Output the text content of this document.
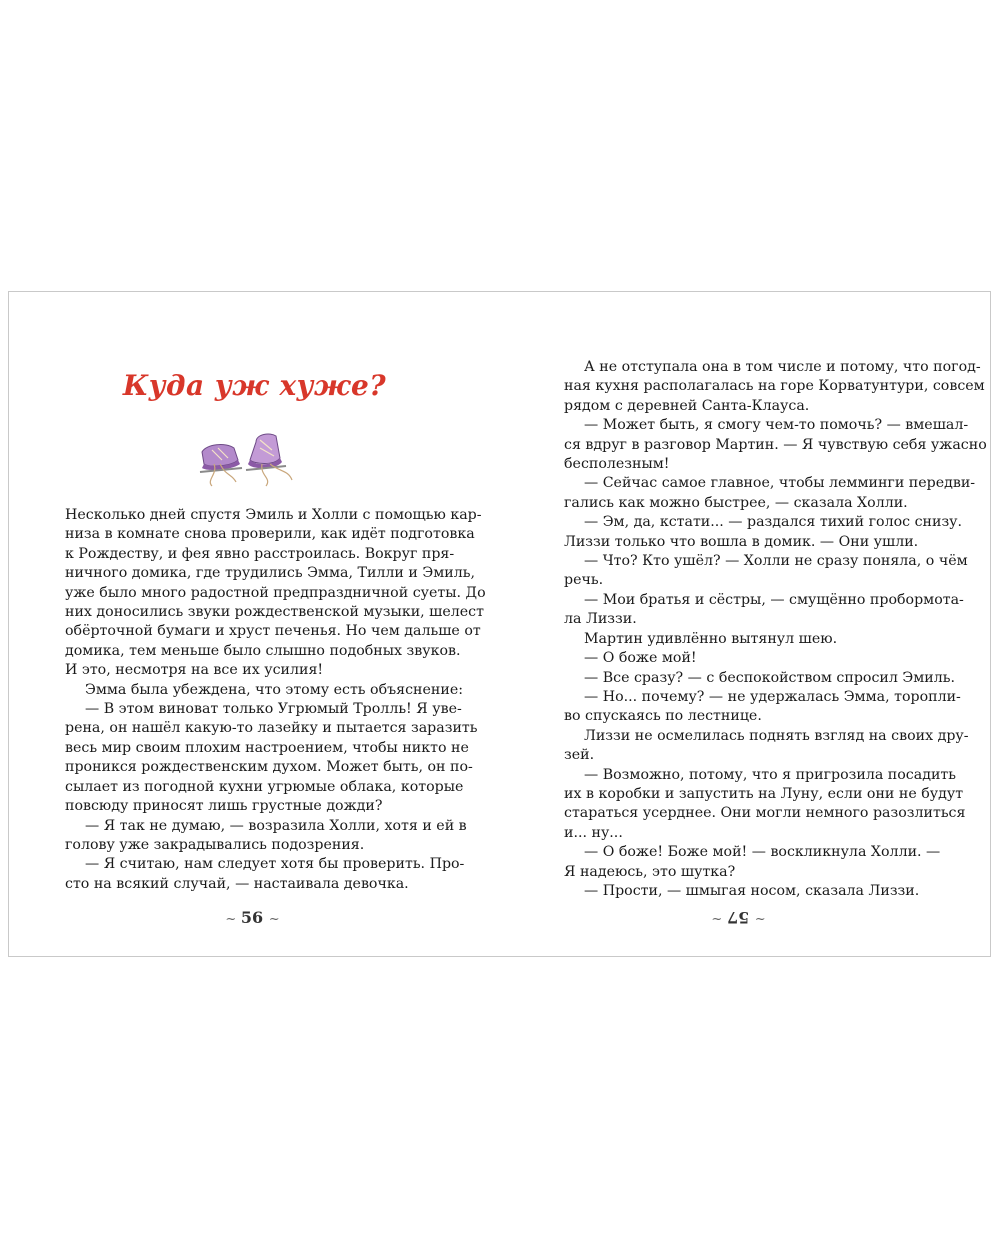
Куда уж хуже?

Несколько дней спустя Эмиль и Холли с помощью кар-

низа в комнате снова проверили, как идёт подготовка

к Рождеству, и фея явно расстроилась. Вокруг пря-

ничного домика, где трудились Эмма, Тилли и Эмиль,

уже было много радостной предпраздничной суеты. До

них доносились звуки рождественской музыки, шелест

обёрточной бумаги и хруст печенья. Но чем дальше от

домика, тем меньше было слышно подобных звуков.

И это, несмотря на все их усилия!

Эмма была убеждена, что этому есть объяснение:

— В этом виноват только Угрюмый Тролль! Я уве-

рена, он нашёл какую-то лазейку и пытается заразить

весь мир своим плохим настроением, чтобы никто не

проникся рождественским духом. Может быть, он по-

сылает из погодной кухни угрюмые облака, которые

повсюду приносят лишь грустные дожди?

— Я так не думаю, — возразила Холли, хотя и ей в

голову уже закрадывались подозрения.

— Я считаю, нам следует хотя бы проверить. Про-

сто на всякий случай, — настаивала девочка.

~ 56 ~

А не отступала она в том числе и потому, что погод-

ная кухня располагалась на горе Корватунтури, совсем

рядом с деревней Санта-Клауса.

— Может быть, я смогу чем-то помочь? — вмешал-

ся вдруг в разговор Мартин. — Я чувствую себя ужасно

бесполезным!

— Сейчас самое главное, чтобы лемминги передви-

гались как можно быстрее, — сказала Холли.

— Эм, да, кстати... — раздался тихий голос снизу.

Лиззи только что вошла в домик. — Они ушли.

— Что? Кто ушёл? — Холли не сразу поняла, о чём

речь.

— Мои братья и сёстры, — смущённо пробормота-

ла Лиззи.

Мартин удивлённо вытянул шею.

— О боже мой!

— Все сразу? — с беспокойством спросил Эмиль.

— Но... почему? — не удержалась Эмма, торопли-

во спускаясь по лестнице.

Лиззи не осмелилась поднять взгляд на своих дру-

зей.

— Возможно, потому, что я пригрозила посадить

их в коробки и запустить на Луну, если они не будут

стараться усерднее. Они могли немного разозлиться

и... ну...

— О боже! Боже мой! — воскликнула Холли. —

Я надеюсь, это шутка?

— Прости, — шмыгая носом, сказала Лиззи.

~ 57 ~
